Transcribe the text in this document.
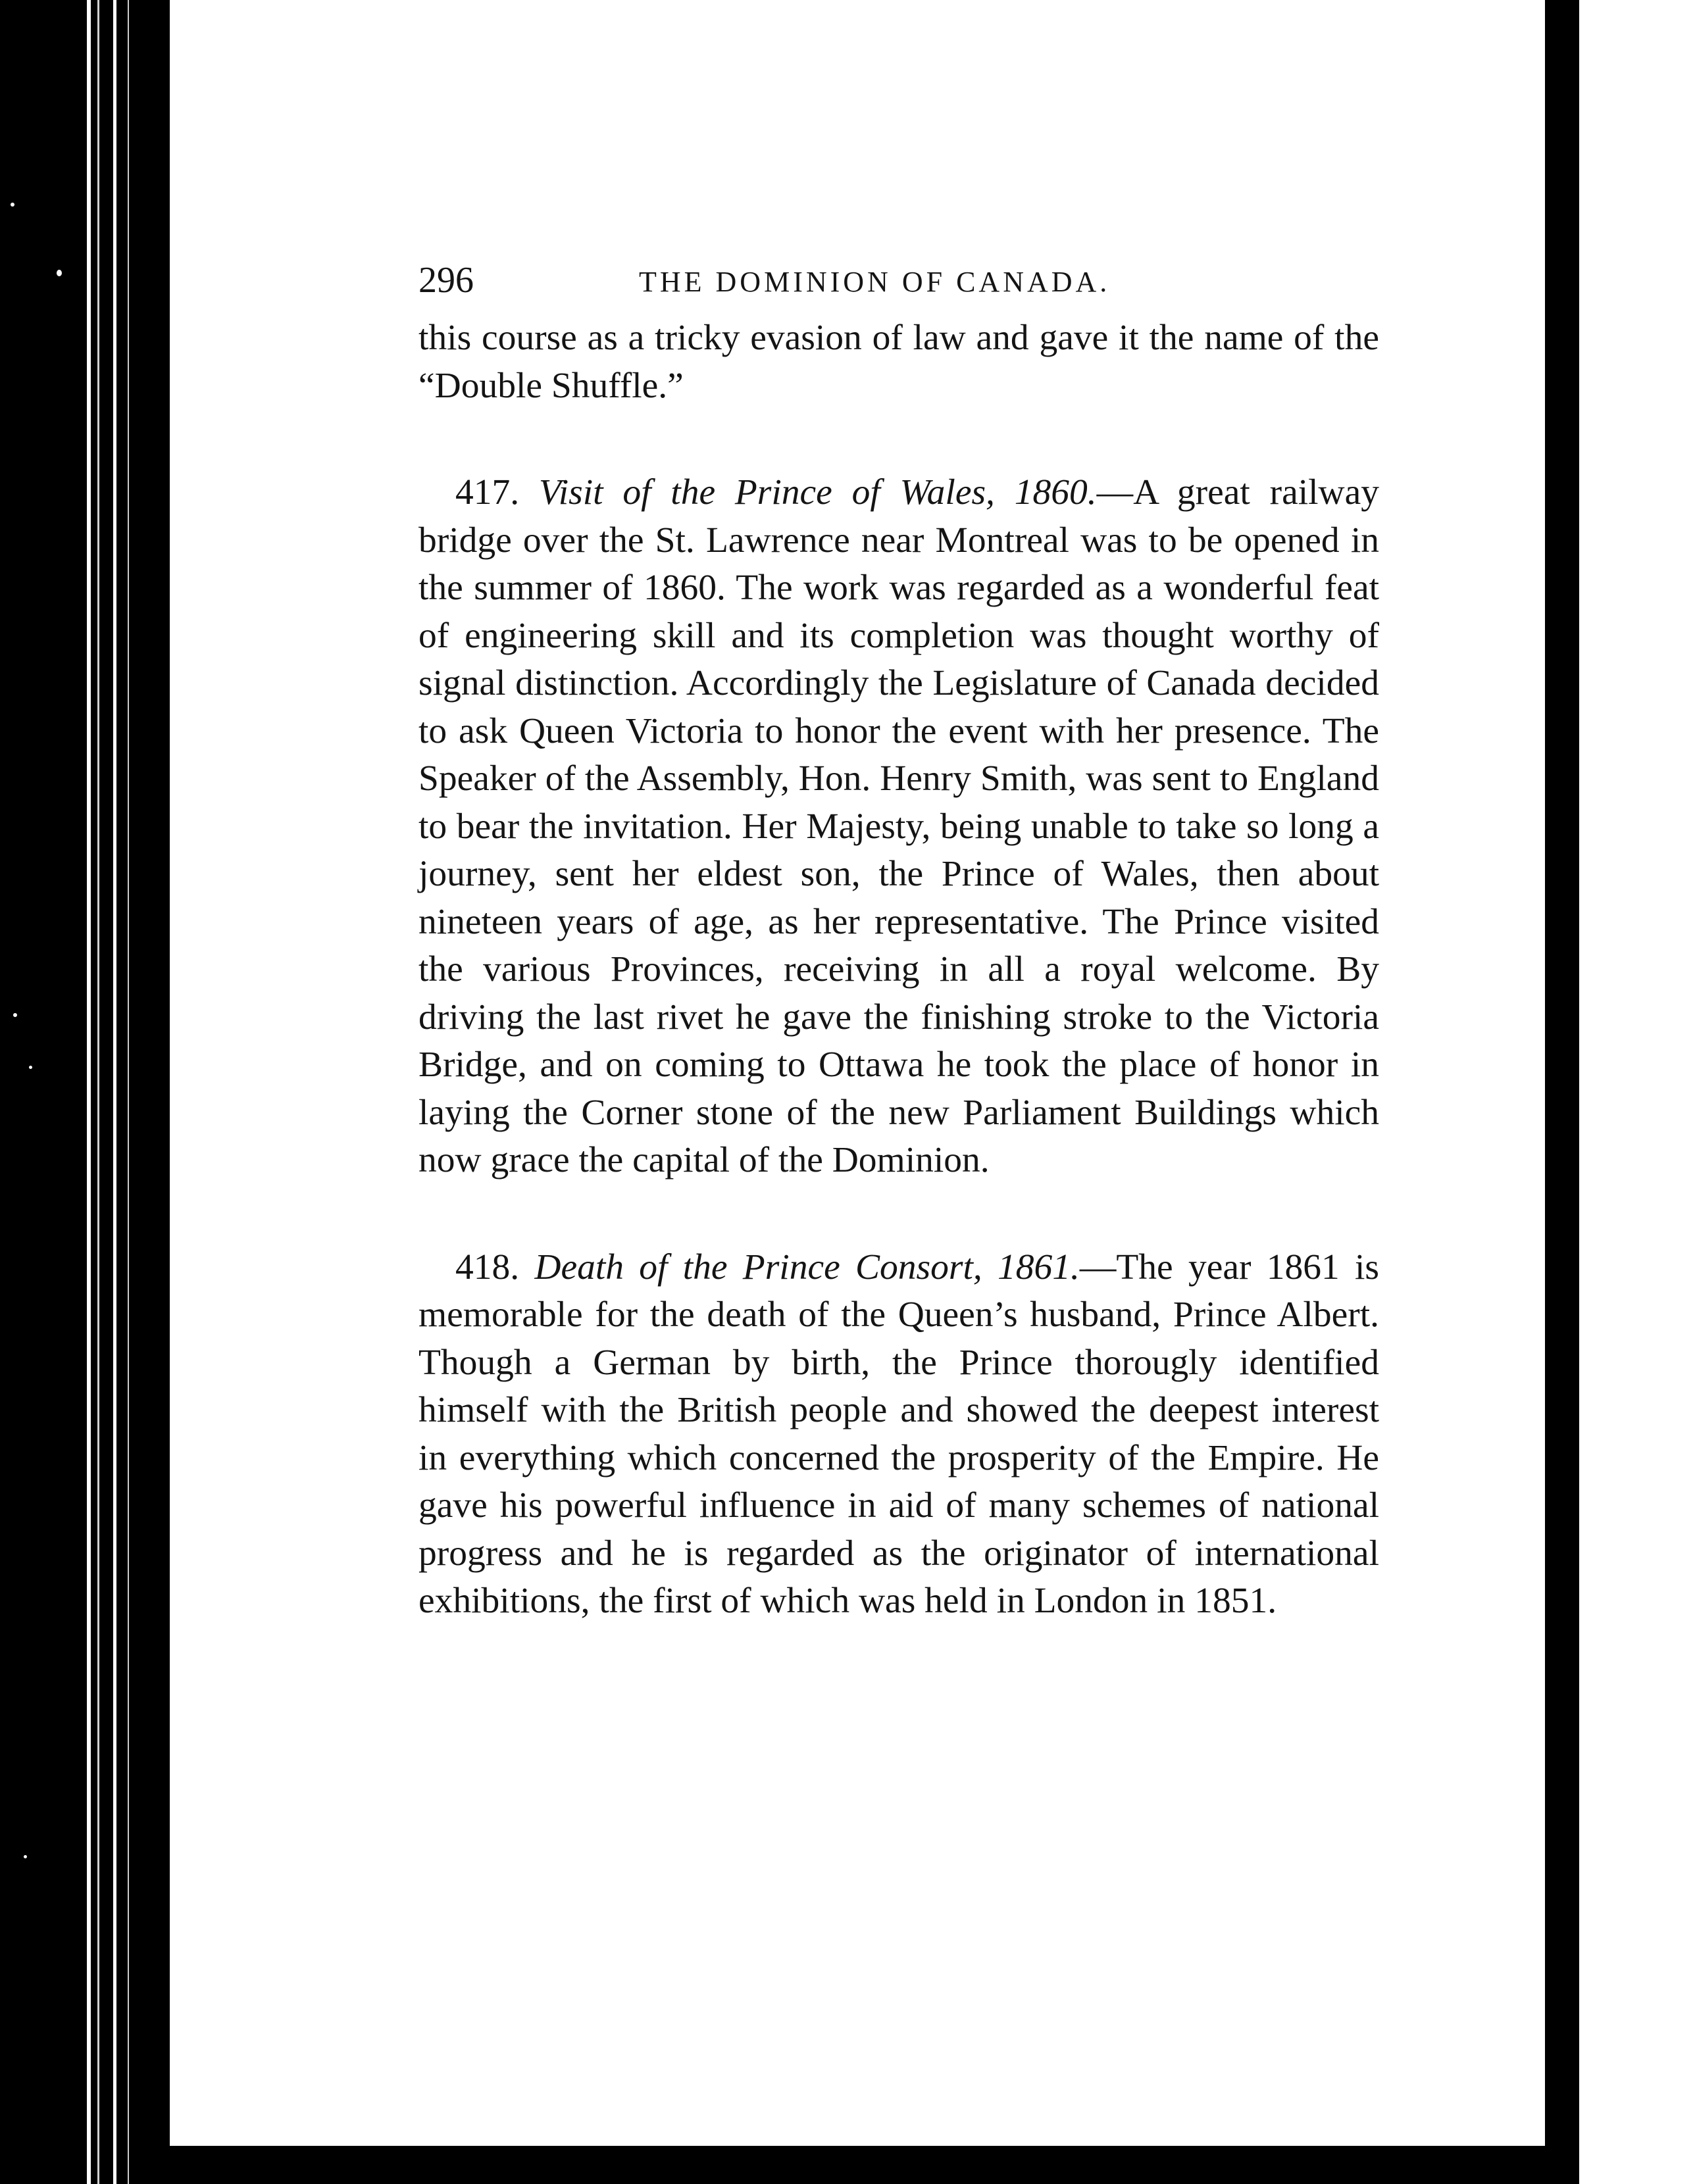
296	THE DOMINION OF CANADA.

this course as a tricky evasion of law and gave it the name of the “Double Shuffle.”

417. Visit of the Prince of Wales, 1860.—A great railway bridge over the St. Lawrence near Montreal was to be opened in the summer of 1860. The work was regarded as a wonderful feat of engineering skill and its completion was thought worthy of signal distinction. Accordingly the Legislature of Canada decided to ask Queen Victoria to honor the event with her presence. The Speaker of the Assembly, Hon. Henry Smith, was sent to England to bear the invitation. Her Majesty, being unable to take so long a journey, sent her eldest son, the Prince of Wales, then about nineteen years of age, as her representative. The Prince visited the various Provinces, receiving in all a royal welcome. By driving the last rivet he gave the finishing stroke to the Victoria Bridge, and on coming to Ottawa he took the place of honor in laying the Corner stone of the new Parliament Buildings which now grace the capital of the Dominion.

418. Death of the Prince Consort, 1861.—The year 1861 is memorable for the death of the Queen’s husband, Prince Albert. Though a German by birth, the Prince thorougly identified himself with the British people and showed the deepest interest in everything which concerned the prosperity of the Empire. He gave his powerful influence in aid of many schemes of national progress and he is regarded as the originator of international exhibitions, the first of which was held in London in 1851.
